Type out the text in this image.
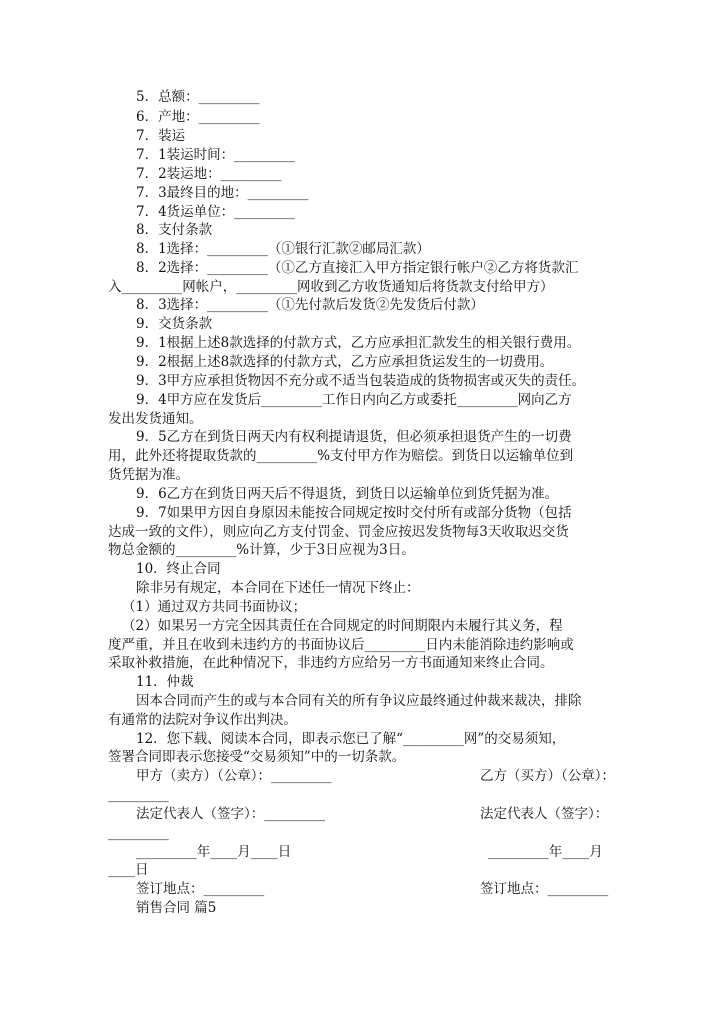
5．总额：_________
6．产地：_________
7．装运
7．1装运时间：_________
7．2装运地：_________
7．3最终目的地：_________
7．4货运单位：_________
8．支付条款
8．1选择：_________（①银行汇款②邮局汇款）
8．2选择：_________（①乙方直接汇入甲方指定银行帐户②乙方将货款汇
入_________网帐户，_________网收到乙方收货通知后将货款支付给甲方）
8．3选择：_________（①先付款后发货②先发货后付款）
9．交货条款
9．1根据上述8款选择的付款方式，乙方应承担汇款发生的相关银行费用。
9．2根据上述8款选择的付款方式，乙方应承担货运发生的一切费用。
9．3甲方应承担货物因不充分或不适当包装造成的货物损害或灭失的责任。
9．4甲方应在发货后_________工作日内向乙方或委托_________网向乙方
发出发货通知。
9．5乙方在到货日两天内有权利提请退货，但必须承担退货产生的一切费
用，此外还将提取货款的_________%支付甲方作为赔偿。到货日以运输单位到
货凭据为准。
9．6乙方在到货日两天后不得退货，到货日以运输单位到货凭据为准。
9．7如果甲方因自身原因未能按合同规定按时交付所有或部分货物（包括
达成一致的文件），则应向乙方支付罚金、罚金应按迟发货物每3天收取迟交货
物总金额的_________%计算，少于3日应视为3日。
10．终止合同
除非另有规定，本合同在下述任一情况下终止：
（1）通过双方共同书面协议；
（2）如果另一方完全因其责任在合同规定的时间期限内未履行其义务，程
度严重，并且在收到未违约方的书面协议后_________日内未能消除违约影响或
采取补救措施，在此种情况下，非违约方应给另一方书面通知来终止合同。
11．仲裁
因本合同而产生的或与本合同有关的所有争议应最终通过仲裁来裁决，排除
有通常的法院对争议作出判决。
12．您下载、阅读本合同，即表示您已了解“_________网”的交易须知，
签署合同即表示您接受“交易须知”中的一切条款。
甲方（卖方）（公章）：_________	乙方（买方）（公章）：
_________
法定代表人（签字）：_________	法定代表人（签字）：
_________
_________年____月____日	_________年____月
____日
签订地点：_________	签订地点：_________
销售合同 篇5
